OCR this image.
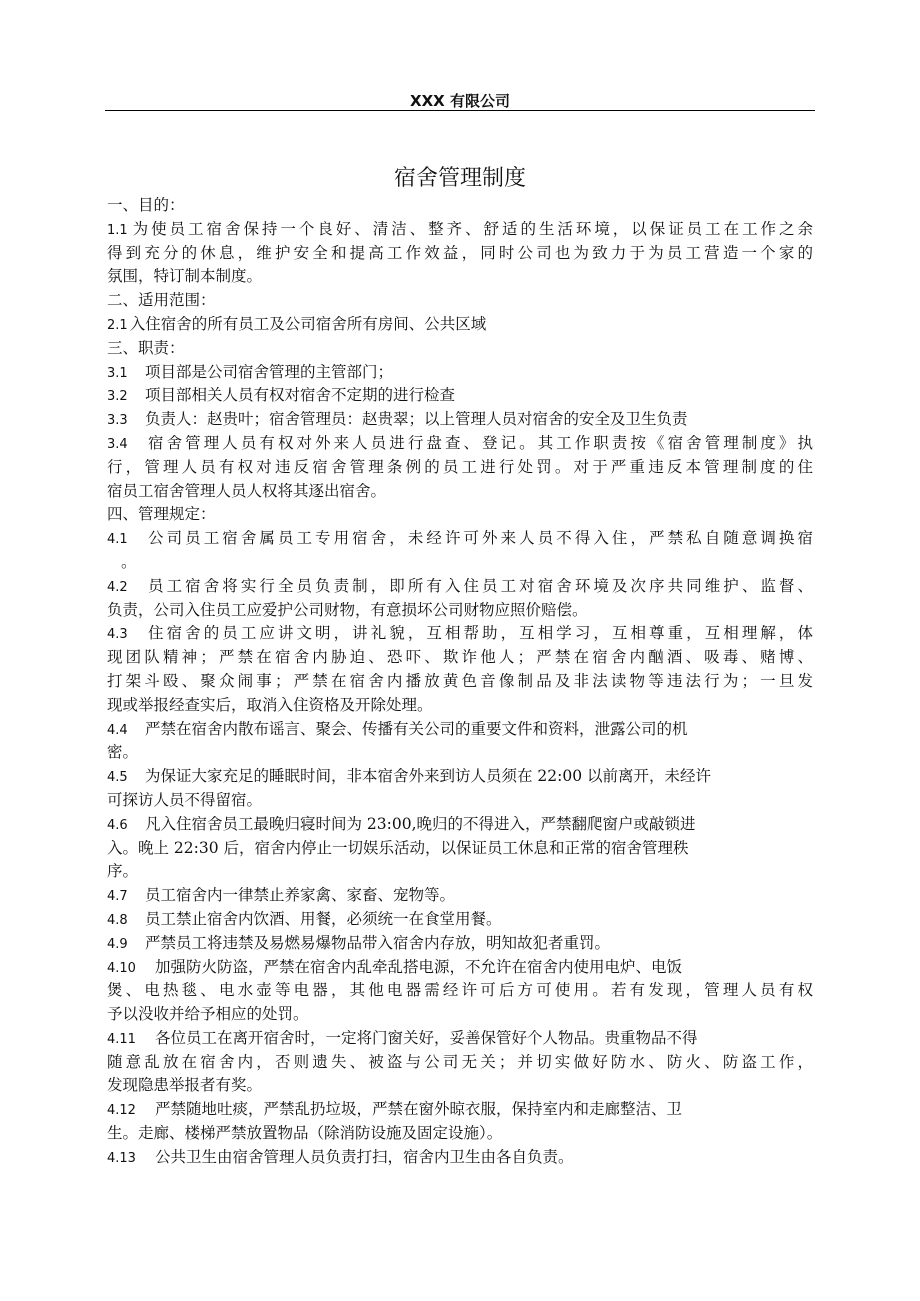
XXX 有限公司
宿舍管理制度
一、目的：
1.1 为使员工宿舍保持一个良好、清洁、整齐、舒适的生活环境，以保证员工在工作之余
得到充分的休息，维护安全和提高工作效益，同时公司也为致力于为员工营造一个家的
氛围，特订制本制度。
二、适用范围：
2.1 入住宿舍的所有员工及公司宿舍所有房间、公共区域
三、职责：
3.1 项目部是公司宿舍管理的主管部门；
3.2 项目部相关人员有权对宿舍不定期的进行检查
3.3 负责人：赵贵叶；宿舍管理员：赵贵翠；以上管理人员对宿舍的安全及卫生负责
3.4 宿舍管理人员有权对外来人员进行盘查、登记。其工作职责按《宿舍管理制度》执
行，管理人员有权对违反宿舍管理条例的员工进行处罚。对于严重违反本管理制度的住
宿员工宿舍管理人员人权将其逐出宿舍。
四、管理规定：
4.1 公司员工宿舍属员工专用宿舍，未经许可外来人员不得入住，严禁私自随意调换宿
。
4.2 员工宿舍将实行全员负责制，即所有入住员工对宿舍环境及次序共同维护、监督、
负责，公司入住员工应爱护公司财物，有意损坏公司财物应照价赔偿。
4.3 住宿舍的员工应讲文明，讲礼貌，互相帮助，互相学习，互相尊重，互相理解，体
现团队精神；严禁在宿舍内胁迫、恐吓、欺诈他人；严禁在宿舍内酗酒、吸毒、赌博、
打架斗殴、聚众闹事；严禁在宿舍内播放黄色音像制品及非法读物等违法行为；一旦发
现或举报经查实后，取消入住资格及开除处理。
4.4 严禁在宿舍内散布谣言、聚会、传播有关公司的重要文件和资料，泄露公司的机
密。
4.5 为保证大家充足的睡眠时间，非本宿舍外来到访人员须在 22:00 以前离开，未经许
可探访人员不得留宿。
4.6 凡入住宿舍员工最晚归寝时间为 23:00,晚归的不得进入，严禁翻爬窗户或敲锁进
入。晚上 22:30 后，宿舍内停止一切娱乐活动，以保证员工休息和正常的宿舍管理秩
序。
4.7 员工宿舍内一律禁止养家禽、家畜、宠物等。
4.8 员工禁止宿舍内饮酒、用餐，必须统一在食堂用餐。
4.9 严禁员工将违禁及易燃易爆物品带入宿舍内存放，明知故犯者重罚。
4.10 加强防火防盗，严禁在宿舍内乱牵乱搭电源，不允许在宿舍内使用电炉、电饭
煲、电热毯、电水壶等电器，其他电器需经许可后方可使用。若有发现，管理人员有权
予以没收并给予相应的处罚。
4.11 各位员工在离开宿舍时，一定将门窗关好，妥善保管好个人物品。贵重物品不得
随意乱放在宿舍内，否则遗失、被盗与公司无关；并切实做好防水、防火、防盗工作，
发现隐患举报者有奖。
4.12 严禁随地吐痰，严禁乱扔垃圾，严禁在窗外晾衣服，保持室内和走廊整洁、卫
生。走廊、楼梯严禁放置物品（除消防设施及固定设施）。
4.13 公共卫生由宿舍管理人员负责打扫，宿舍内卫生由各自负责。
